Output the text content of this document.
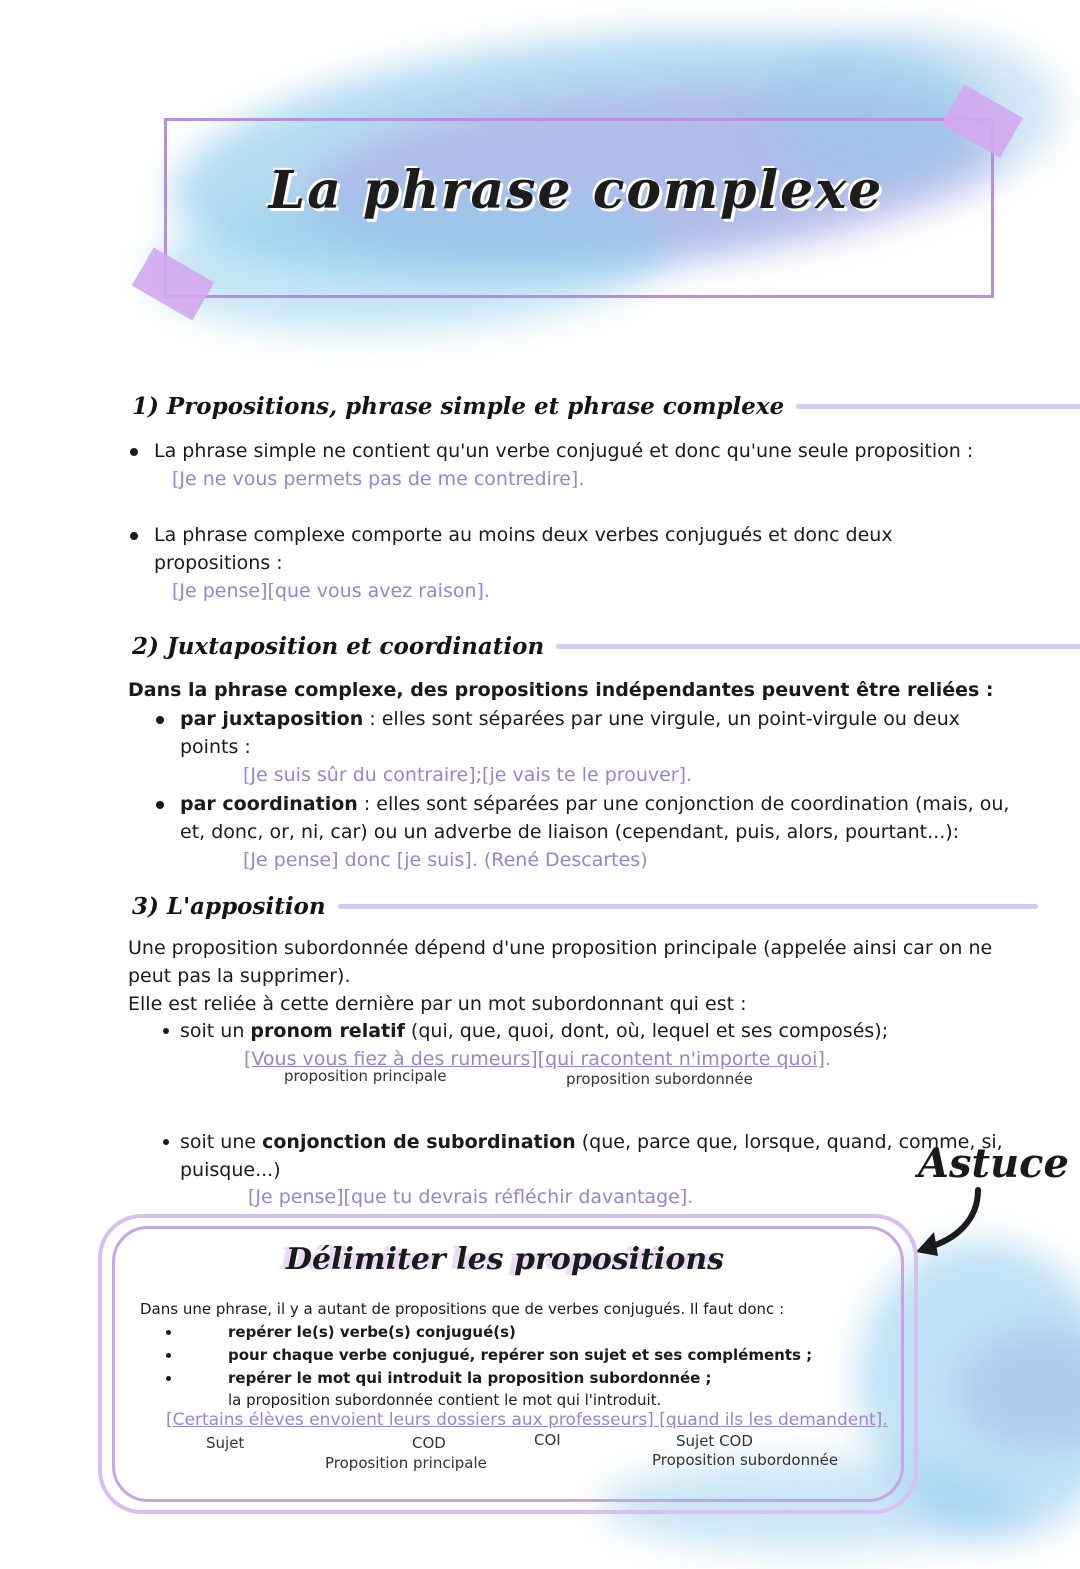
La phrase complexe
1) Propositions, phrase simple et phrase complexe
La phrase simple ne contient qu'un verbe conjugué et donc qu'une seule proposition :
[Je ne vous permets pas de me contredire].
La phrase complexe comporte au moins deux verbes conjugués et donc deux
propositions :
[Je pense][que vous avez raison].
2) Juxtaposition et coordination
Dans la phrase complexe, des propositions indépendantes peuvent être reliées :
par juxtaposition : elles sont séparées par une virgule, un point-virgule ou deux
points :
[Je suis sûr du contraire];[je vais te le prouver].
par coordination : elles sont séparées par une conjonction de coordination (mais, ou,
et, donc, or, ni, car) ou un adverbe de liaison (cependant, puis, alors, pourtant...):
[Je pense] donc [je suis]. (René Descartes)
3) L'apposition
Une proposition subordonnée dépend d'une proposition principale (appelée ainsi car on ne
peut pas la supprimer).
Elle est reliée à cette dernière par un mot subordonnant qui est :
soit un pronom relatif (qui, que, quoi, dont, où, lequel et ses composés);
[Vous vous fiez à des rumeurs][qui racontent n'importe quoi].
proposition principale	proposition subordonnée
soit une conjonction de subordination (que, parce que, lorsque, quand, comme, si,
puisque...)
[Je pense][que tu devrais réfléchir davantage].
Astuce
Délimiter les propositions
Dans une phrase, il y a autant de propositions que de verbes conjugués. Il faut donc :
repérer le(s) verbe(s) conjugué(s)
pour chaque verbe conjugué, repérer son sujet et ses compléments ;
repérer le mot qui introduit la proposition subordonnée ;
la proposition subordonnée contient le mot qui l'introduit.
[Certains élèves envoient leurs dossiers aux professeurs] [quand ils les demandent].
Sujet	COD	COI	Sujet COD
Proposition principale	Proposition subordonnée
